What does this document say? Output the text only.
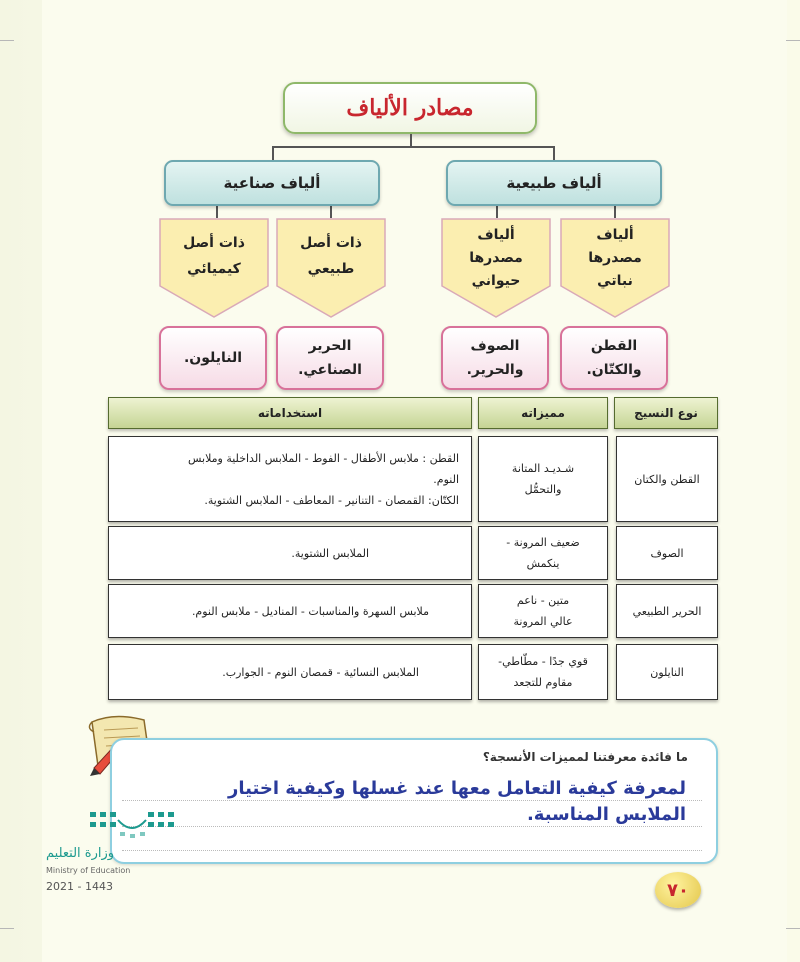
مصادر الألياف
ألياف طبيعية
ألياف صناعية
ألياف
مصدرها
نباتي
ألياف
مصدرها
حيواني
ذات أصل
طبيعي
ذات أصل
كيميائي
القطن
والكتّان.
الصوف
والحرير.
الحرير
الصناعي.
النايلون.
نوع النسيج
مميزاته
استخداماته
القطن والكتان
شـديـد المتانة
والتحمُّل
القطن : ملابس الأطفال - الفوط - الملابس الداخلية وملابس
النوم.
الكتّان: القمصان - التنانير - المعاطف - الملابس الشتوية.
الصوف
ضعيف المرونة -
ينكمش
الملابس الشتوية.
الحرير الطبيعي
متين - ناعم
عالي المرونة
ملابس السهرة والمناسبات - المناديل - ملابس النوم.
النايلون
قوي جدًا - مطّاطي-
مقاوم للتجعد
الملابس النسائية - قمصان النوم - الجوارب.
ما فائدة معرفتنا لمميزات الأنسجة؟
لمعرفة كيفية التعامل معها عند غسلها وكيفية اختيار
الملابس المناسبة.
وزارة التعليم
Ministry of Education
2021 - 1443	٧٠
